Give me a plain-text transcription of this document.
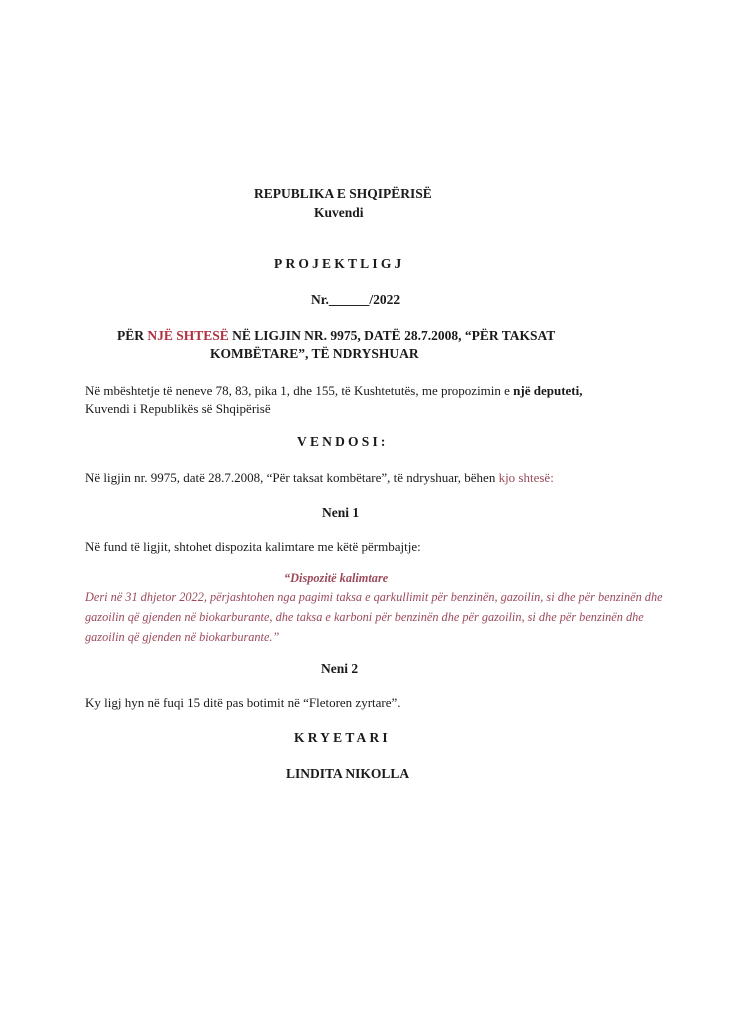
REPUBLIKA E SHQIPËRISË
Kuvendi
PROJEKTLIGJ
Nr.______/2022
PËR NJË SHTESË NË LIGJIN NR. 9975, DATË 28.7.2008, “PËR TAKSAT
KOMBËTARE”, TË NDRYSHUAR
Në mbështetje të neneve 78, 83, pika 1, dhe 155, të Kushtetutës, me propozimin e një deputeti,
Kuvendi i Republikës së Shqipërisë
VENDOSI:
Në ligjin nr. 9975, datë 28.7.2008, “Për taksat kombëtare”, të ndryshuar, bëhen kjo shtesë:
Neni 1
Në fund të ligjit, shtohet dispozita kalimtare me këtë përmbajtje:
“Dispozitë kalimtare
Deri në 31 dhjetor 2022, përjashtohen nga pagimi taksa e qarkullimit për benzinën, gazoilin, si dhe për benzinën dhe gazoilin që gjenden në biokarburante, dhe taksa e karboni për benzinën dhe për gazoilin, si dhe për benzinën dhe gazoilin që gjenden në biokarburante.”
Neni 2
Ky ligj hyn në fuqi 15 ditë pas botimit në “Fletoren zyrtare”.
KRYETARI
LINDITA NIKOLLA
